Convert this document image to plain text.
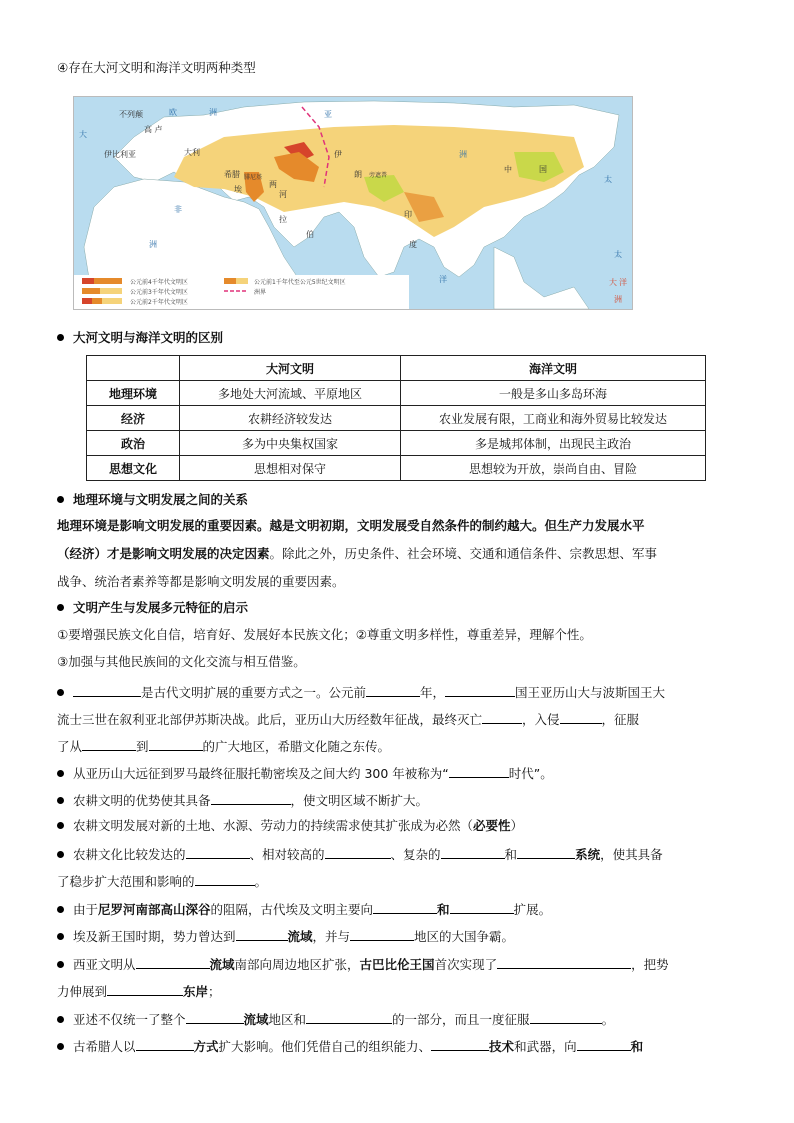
④存在大河文明和海洋文明两种类型
大
不列颠	欧	洲
高 卢
伊比利亚	大利
希腊
亚
埃
腓尼基
两
河
伊
朗 旁遮普
拉
伯
中	国
太
非
印
度
洲
洲
洋
太
大 洋
洲
公元前4千年代文明区
公元前3千年代文明区
公元前2千年代文明区
公元前1千年代至公元5世纪文明区
洲界
大河文明与海洋文明的区别
	大河文明	海洋文明
地理环境	多地处大河流域、平原地区	一般是多山多岛环海
经济	农耕经济较发达	农业发展有限，工商业和海外贸易比较发达
政治	多为中央集权国家	多是城邦体制，出现民主政治
思想文化	思想相对保守	思想较为开放，崇尚自由、冒险
地理环境与文明发展之间的关系
地理环境是影响文明发展的重要因素。越是文明初期，文明发展受自然条件的制约越大。但生产力发展水平
（经济）才是影响文明发展的决定因素。除此之外，历史条件、社会环境、交通和通信条件、宗教思想、军事
战争、统治者素养等都是影响文明发展的重要因素。
文明产生与发展多元特征的启示
①要增强民族文化自信，培育好、发展好本民族文化；②尊重文明多样性，尊重差异，理解个性。
③加强与其他民族间的文化交流与相互借鉴。
是古代文明扩展的重要方式之一。公元前	年，	国王亚历山大与波斯国王大
流士三世在叙利亚北部伊苏斯决战。此后，亚历山大历经数年征战，最终灭亡	，入侵	，征服
了从	到	的广大地区，希腊文化随之东传。
从亚历山大远征到罗马最终征服托勒密埃及之间大约 300 年被称为“	时代”。
农耕文明的优势使其具备	，使文明区域不断扩大。
农耕文明发展对新的土地、水源、劳动力的持续需求使其扩张成为必然（必要性）
农耕文化比较发达的	、相对较高的	、复杂的	和	系统，使其具备
了稳步扩大范围和影响的	。
由于尼罗河南部高山深谷的阻隔，古代埃及文明主要向	和	扩展。
埃及新王国时期，势力曾达到	流域，并与	地区的大国争霸。
西亚文明从	流域南部向周边地区扩张，古巴比伦王国首次实现了	，把势
力伸展到	东岸；
亚述不仅统一了整个	流域地区和	的一部分，而且一度征服	。
古希腊人以	方式扩大影响。他们凭借自己的组织能力、	技术和武器，向	和
